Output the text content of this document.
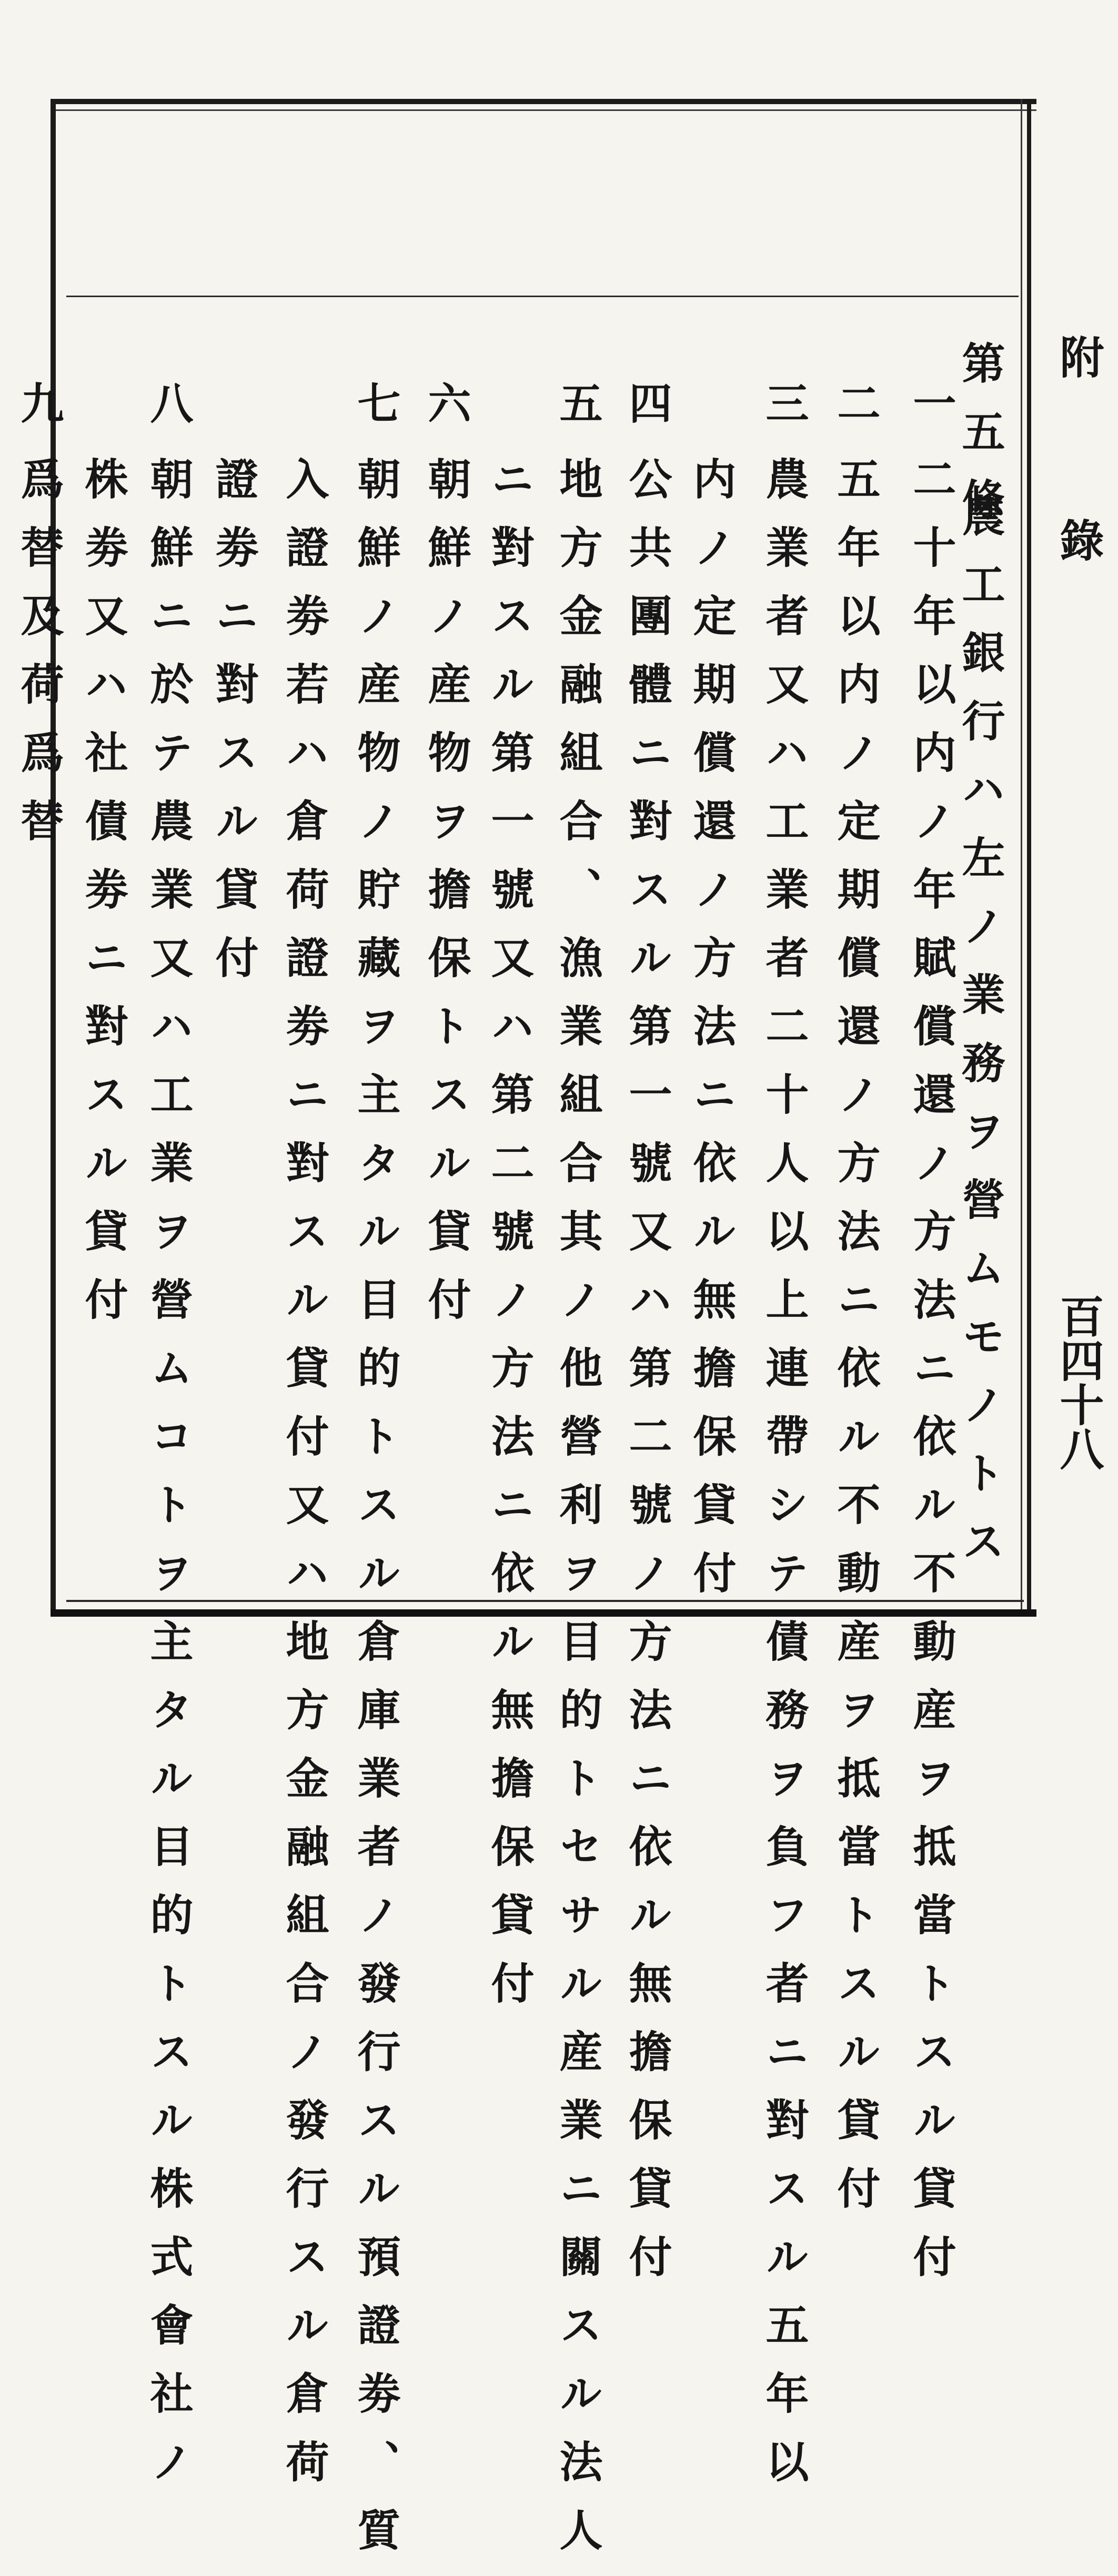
附　錄
百四十八
第五條
農工銀行ハ左ノ業務ヲ營ムモノトス
一
二十年以内ノ年賦償還ノ方法ニ依ル不動産ヲ抵當トスル貸付
二
五年以内ノ定期償還ノ方法ニ依ル不動産ヲ抵當トスル貸付
三
農業者又ハ工業者二十人以上連帶シテ債務ヲ負フ者ニ對スル五年以
内ノ定期償還ノ方法ニ依ル無擔保貸付
四
公共團體ニ對スル第一號又ハ第二號ノ方法ニ依ル無擔保貸付
五
地方金融組合、漁業組合其ノ他營利ヲ目的トセサル産業ニ關スル法人
ニ對スル第一號又ハ第二號ノ方法ニ依ル無擔保貸付
六
朝鮮ノ産物ヲ擔保トスル貸付
七
朝鮮ノ産物ノ貯藏ヲ主タル目的トスル倉庫業者ノ發行スル預證劵、質
入證劵若ハ倉荷證劵ニ對スル貸付又ハ地方金融組合ノ發行スル倉荷
證劵ニ對スル貸付
八
朝鮮ニ於テ農業又ハ工業ヲ營ムコトヲ主タル目的トスル株式會社ノ
株劵又ハ社債劵ニ對スル貸付
九
爲替及荷爲替
